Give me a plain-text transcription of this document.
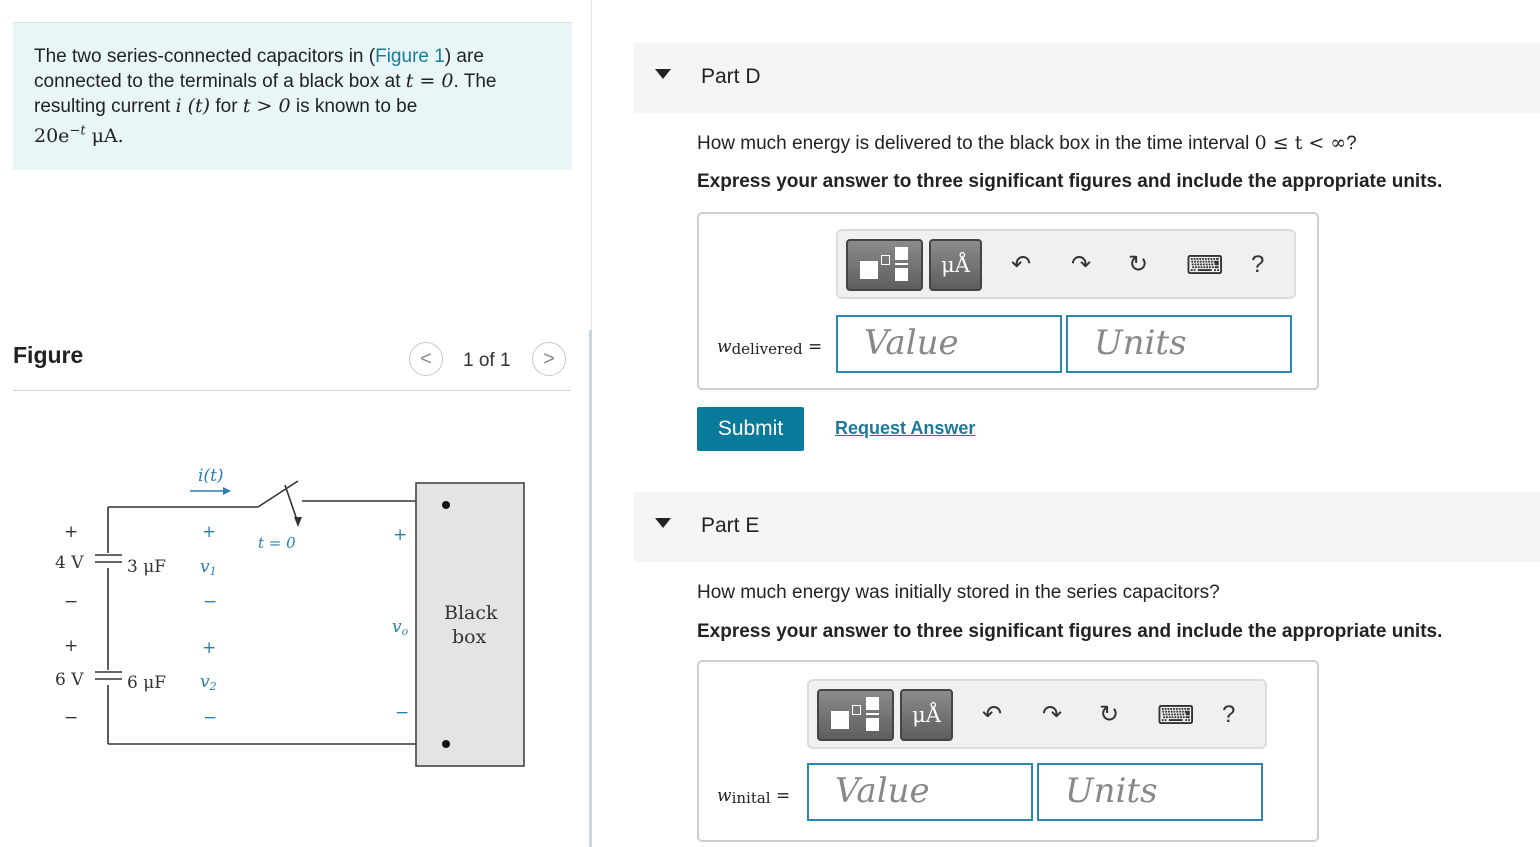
The two series-connected capacitors in (Figure 1) are connected to the terminals of a black box at t = 0. The resulting current i (t) for t > 0 is known to be
$20e^{-t}$ μA.
Figure	<	1 of 1	>
i(t)
t = 0
+
4 V	3 μF
−
+
6 V	6 μF
−
+
v1
−
+
v2
−
+
vo
−
Black
box
Part D
How much energy is delivered to the black box in the time interval 0 ≤ t < ∞?
Express your answer to three significant figures and include the appropriate units.
μÅ	↶ ↷ ↻ ⌨ ?
$w_{delivered}$ =	Value	Units
Submit	Request Answer
Part E
How much energy was initially stored in the series capacitors?
Express your answer to three significant figures and include the appropriate units.
μÅ	↶ ↷ ↻ ⌨ ?
$w_{inital}$ =	Value	Units
